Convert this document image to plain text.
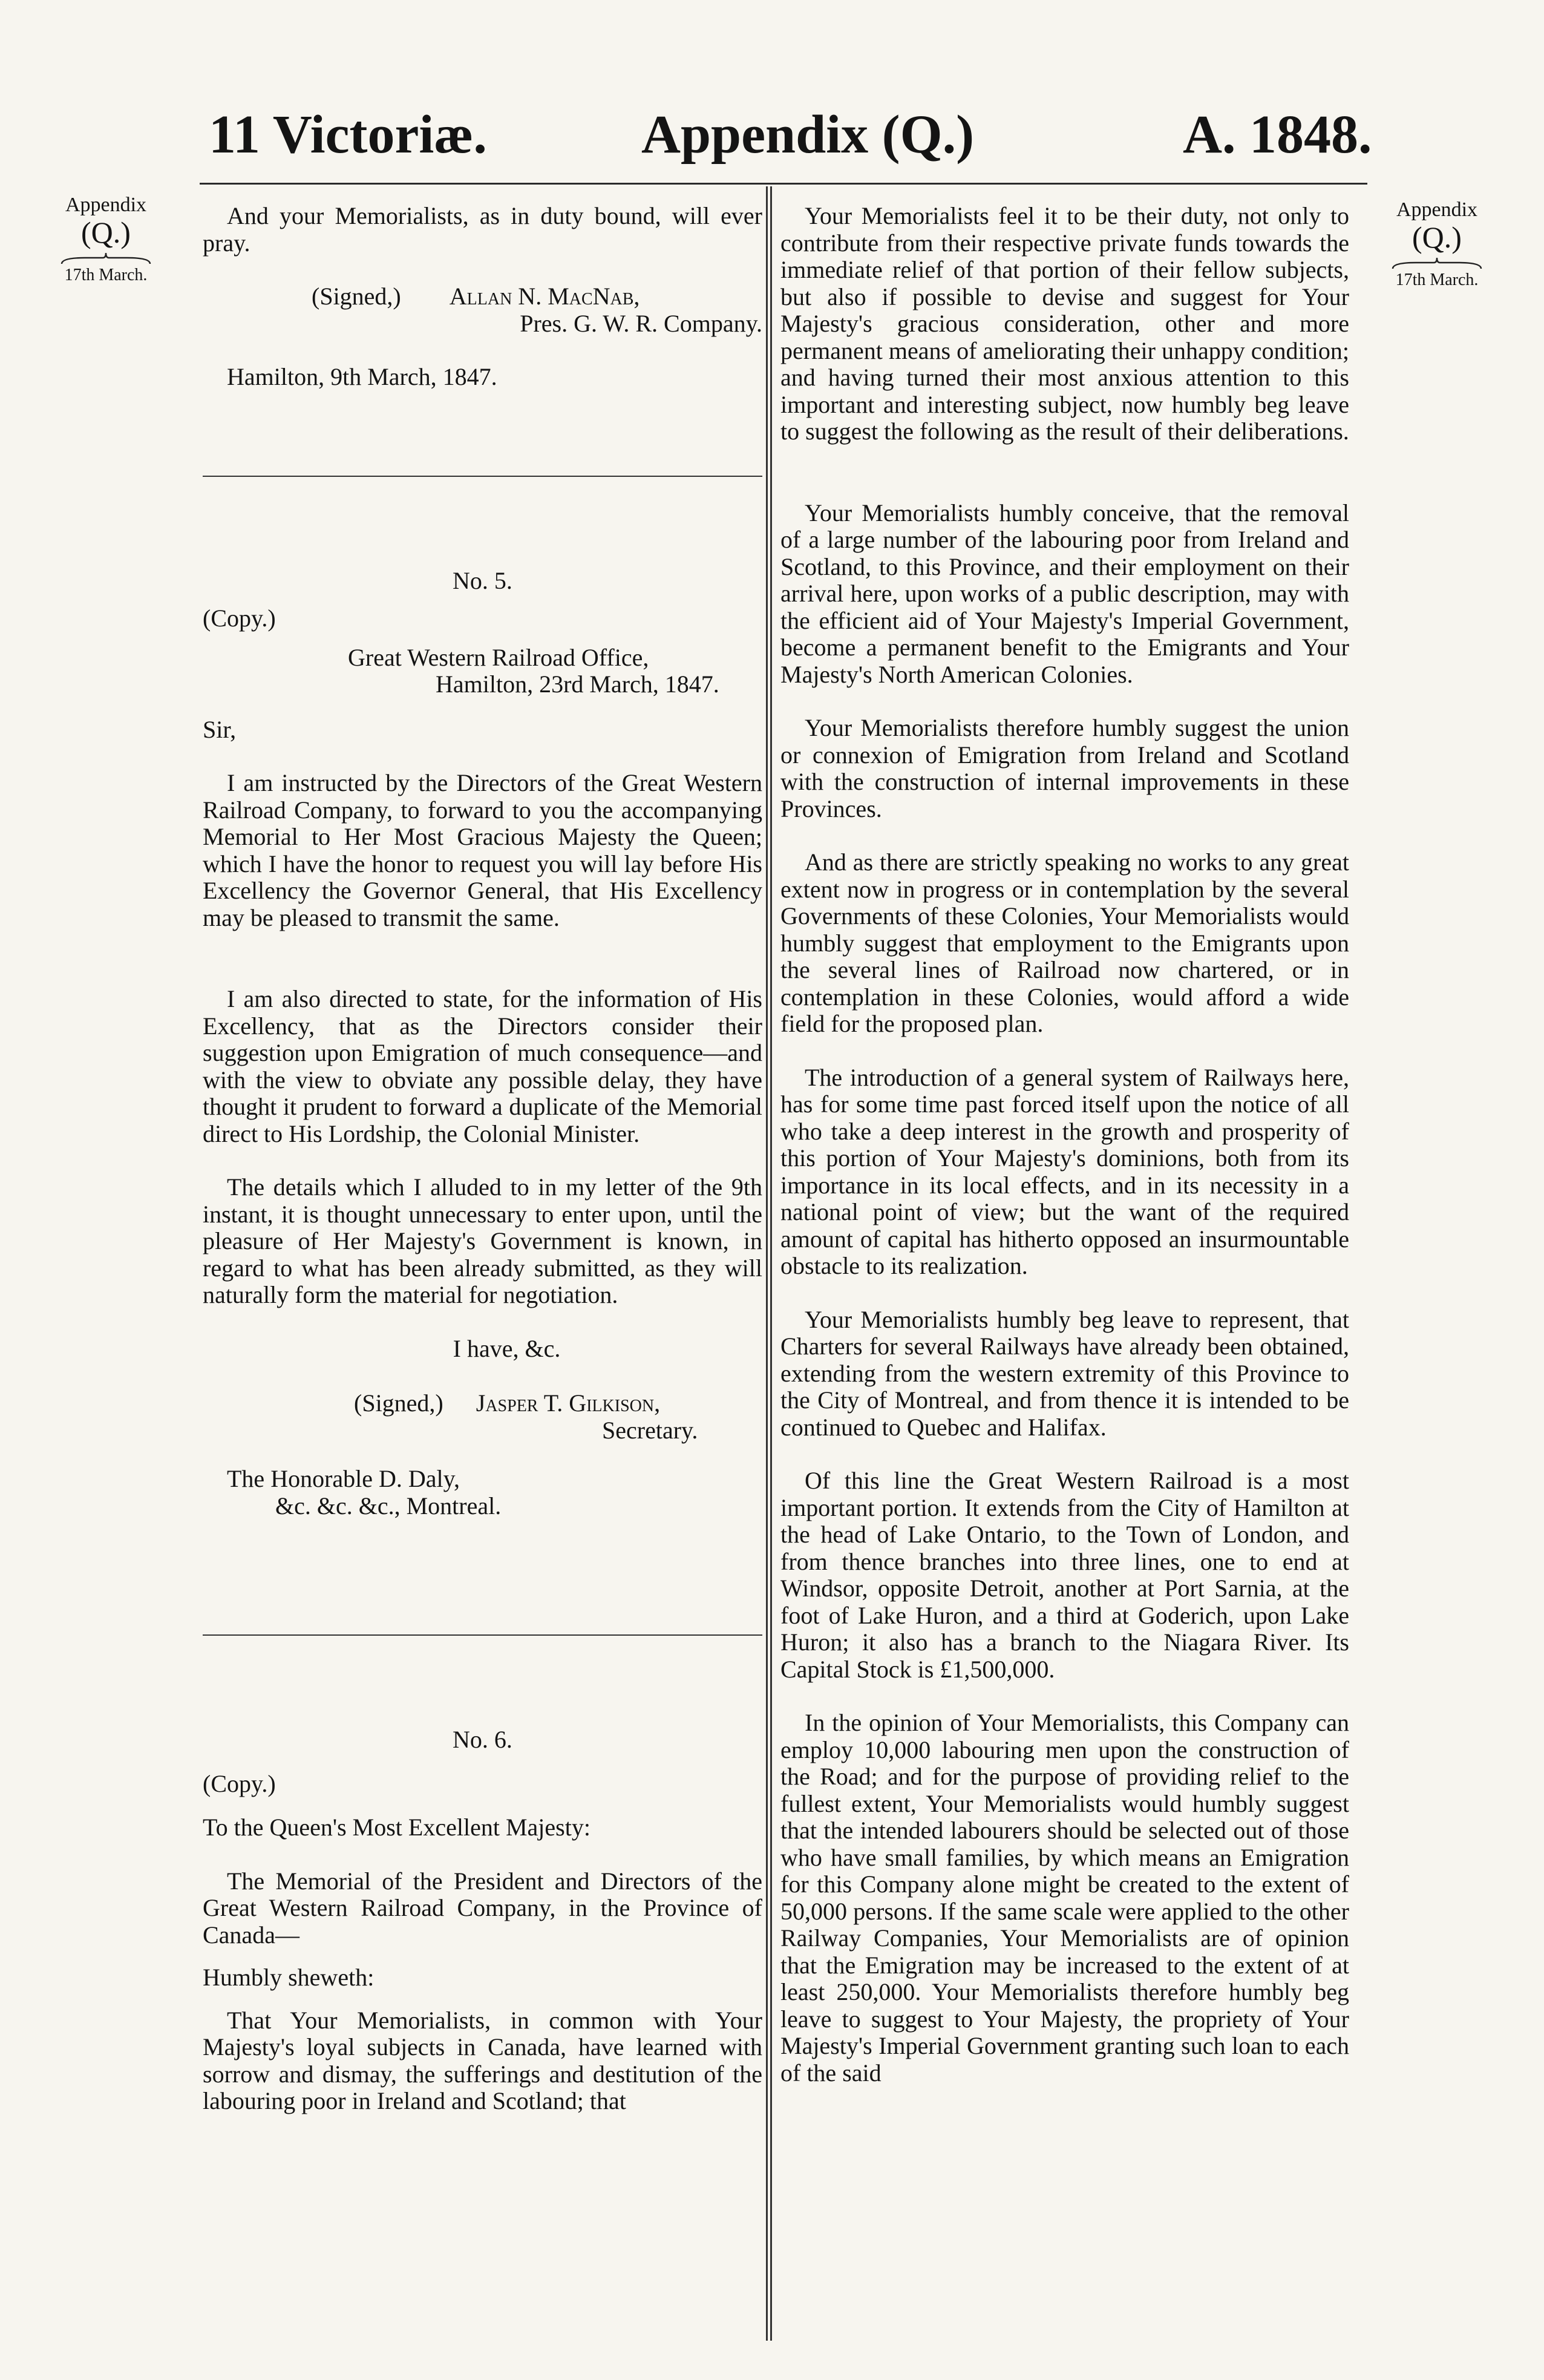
11 Victoriæ.	Appendix (Q.)	A. 1848.
Appendix
(Q.)
17th March.
Appendix
(Q.)
17th March.

And your Memorialists, as in duty bound, will ever pray.

(Signed,) Allan N. MacNab,
Pres. G. W. R. Company.
Hamilton, 9th March, 1847.
No. 5.
(Copy.)
Great Western Railroad Office,
Hamilton, 23rd March, 1847.
Sir,

I am instructed by the Directors of the Great Western Railroad Company, to forward to you the accompanying Memorial to Her Most Gracious Majesty the Queen; which I have the honor to request you will lay before His Excellency the Governor General, that His Excellency may be pleased to transmit the same.

I am also directed to state, for the information of His Excellency, that as the Directors consider their suggestion upon Emigration of much consequence—and with the view to obviate any possible delay, they have thought it prudent to forward a duplicate of the Memorial direct to His Lordship, the Colonial Minister.

The details which I alluded to in my letter of the 9th instant, it is thought unnecessary to enter upon, until the pleasure of Her Majesty's Government is known, in regard to what has been already submitted, as they will naturally form the material for negotiation.

I have, &c.
(Signed,) Jasper T. Gilkison,
Secretary.
The Honorable D. Daly,
&c. &c. &c., Montreal.
No. 6.
(Copy.)
To the Queen's Most Excellent Majesty:

The Memorial of the President and Directors of the Great Western Railroad Company, in the Province of Canada—

Humbly sheweth:

That Your Memorialists, in common with Your Majesty's loyal subjects in Canada, have learned with sorrow and dismay, the sufferings and destitution of the labouring poor in Ireland and Scotland; that

Your Memorialists feel it to be their duty, not only to contribute from their respective private funds towards the immediate relief of that portion of their fellow subjects, but also if possible to devise and suggest for Your Majesty's gracious consideration, other and more permanent means of ameliorating their unhappy condition; and having turned their most anxious attention to this important and interesting subject, now humbly beg leave to suggest the following as the result of their deliberations.

Your Memorialists humbly conceive, that the removal of a large number of the labouring poor from Ireland and Scotland, to this Province, and their employment on their arrival here, upon works of a public description, may with the efficient aid of Your Majesty's Imperial Government, become a permanent benefit to the Emigrants and Your Majesty's North American Colonies.

Your Memorialists therefore humbly suggest the union or connexion of Emigration from Ireland and Scotland with the construction of internal improvements in these Provinces.

And as there are strictly speaking no works to any great extent now in progress or in contemplation by the several Governments of these Colonies, Your Memorialists would humbly suggest that employment to the Emigrants upon the several lines of Railroad now chartered, or in contemplation in these Colonies, would afford a wide field for the proposed plan.

The introduction of a general system of Railways here, has for some time past forced itself upon the notice of all who take a deep interest in the growth and prosperity of this portion of Your Majesty's dominions, both from its importance in its local effects, and in its necessity in a national point of view; but the want of the required amount of capital has hitherto opposed an insurmountable obstacle to its realization.

Your Memorialists humbly beg leave to represent, that Charters for several Railways have already been obtained, extending from the western extremity of this Province to the City of Montreal, and from thence it is intended to be continued to Quebec and Halifax.

Of this line the Great Western Railroad is a most important portion. It extends from the City of Hamilton at the head of Lake Ontario, to the Town of London, and from thence branches into three lines, one to end at Windsor, opposite Detroit, another at Port Sarnia, at the foot of Lake Huron, and a third at Goderich, upon Lake Huron; it also has a branch to the Niagara River. Its Capital Stock is £1,500,000.

In the opinion of Your Memorialists, this Company can employ 10,000 labouring men upon the construction of the Road; and for the purpose of providing relief to the fullest extent, Your Memorialists would humbly suggest that the intended labourers should be selected out of those who have small families, by which means an Emigration for this Company alone might be created to the extent of 50,000 persons. If the same scale were applied to the other Railway Companies, Your Memorialists are of opinion that the Emigration may be increased to the extent of at least 250,000. Your Memorialists therefore humbly beg leave to suggest to Your Majesty, the propriety of Your Majesty's Imperial Government granting such loan to each of the said
